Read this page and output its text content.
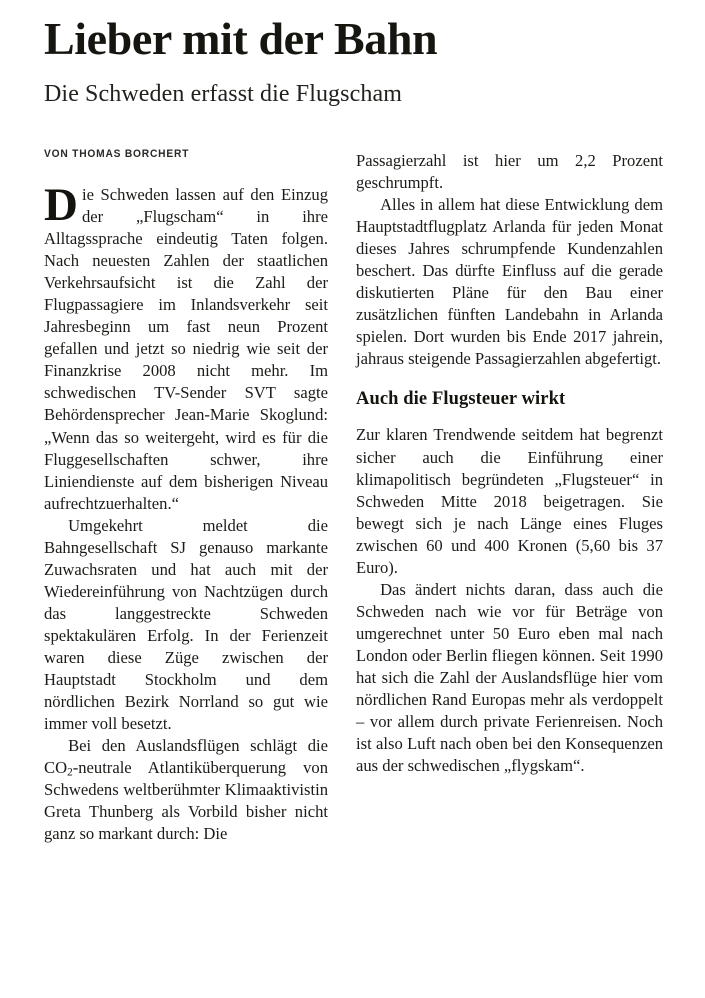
Lieber mit der Bahn
Die Schweden erfasst die Flugscham
VON THOMAS BORCHERT

Die Schweden lassen auf den Einzug der „Flugscham“ in ihre Alltagssprache eindeutig Taten folgen. Nach neuesten Zahlen der staatlichen Verkehrsaufsicht ist die Zahl der Flugpassagiere im Inlandsverkehr seit Jahresbeginn um fast neun Prozent gefallen und jetzt so niedrig wie seit der Finanzkrise 2008 nicht mehr. Im schwedischen TV-Sender SVT sagte Behördensprecher Jean-Marie Skoglund: „Wenn das so weitergeht, wird es für die Fluggesellschaften schwer, ihre Liniendienste auf dem bisherigen Niveau aufrechtzuerhalten.“

Umgekehrt meldet die Bahngesellschaft SJ genauso markante Zuwachsraten und hat auch mit der Wiedereinführung von Nachtzügen durch das langgestreckte Schweden spektakulären Erfolg. In der Ferienzeit waren diese Züge zwischen der Hauptstadt Stockholm und dem nördlichen Bezirk Norrland so gut wie immer voll besetzt.

Bei den Auslandsflügen schlägt die $CO_2$-neutrale Atlantiküberquerung von Schwedens weltberühmter Klimaaktivistin Greta Thunberg als Vorbild bisher nicht ganz so markant durch: Die

Passagierzahl ist hier um 2,2 Prozent geschrumpft.

Alles in allem hat diese Entwicklung dem Hauptstadtflugplatz Arlanda für jeden Monat dieses Jahres schrumpfende Kundenzahlen beschert. Das dürfte Einfluss auf die gerade diskutierten Pläne für den Bau einer zusätzlichen fünften Landebahn in Arlanda spielen. Dort wurden bis Ende 2017 jahrein, jahraus steigende Passagierzahlen abgefertigt.

Auch die Flugsteuer wirkt

Zur klaren Trendwende seitdem hat begrenzt sicher auch die Einführung einer klimapolitisch begründeten „Flugsteuer“ in Schweden Mitte 2018 beigetragen. Sie bewegt sich je nach Länge eines Fluges zwischen 60 und 400 Kronen (5,60 bis 37 Euro).

Das ändert nichts daran, dass auch die Schweden nach wie vor für Beträge von umgerechnet unter 50 Euro eben mal nach London oder Berlin fliegen können. Seit 1990 hat sich die Zahl der Auslandsflüge hier vom nördlichen Rand Europas mehr als verdoppelt – vor allem durch private Ferienreisen. Noch ist also Luft nach oben bei den Konsequenzen aus der schwedischen „flygskam“.
